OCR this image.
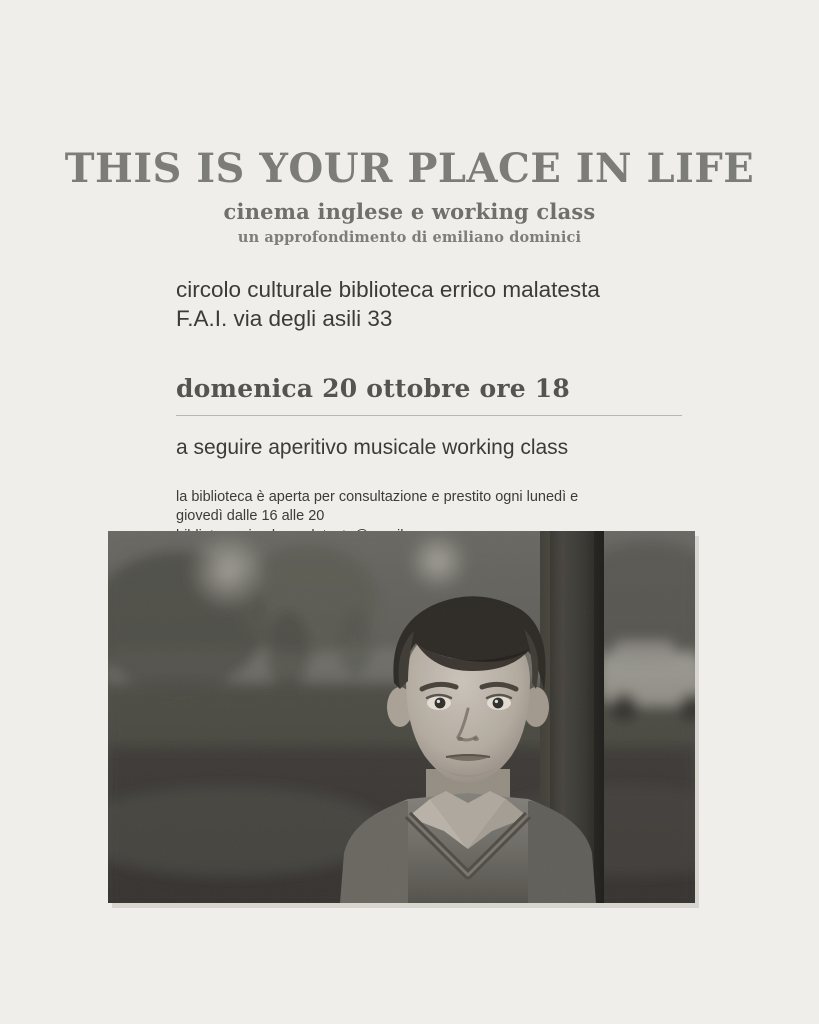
THIS IS YOUR PLACE IN LIFE
cinema inglese e working class
un approfondimento di emiliano dominici
circolo culturale biblioteca errico malatesta
F.A.I. via degli asili 33
domenica 20 ottobre ore 18
a seguire aperitivo musicale working class
la biblioteca è aperta per consultazione e prestito ogni lunedì e
giovedì dalle 16 alle 20
